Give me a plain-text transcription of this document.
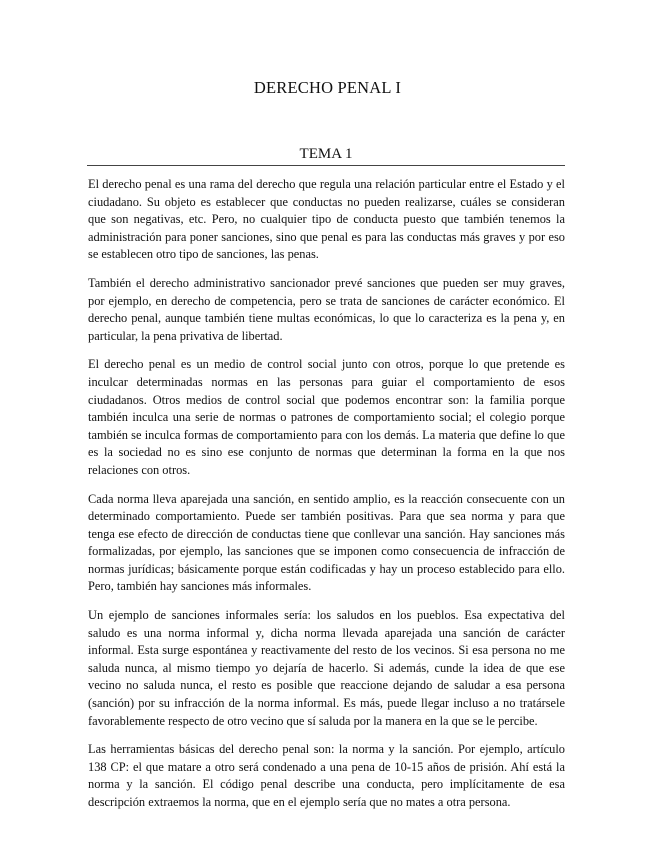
DERECHO PENAL I
TEMA 1

El derecho penal es una rama del derecho que regula una relación particular entre el Estado y el ciudadano. Su objeto es establecer que conductas no pueden realizarse, cuáles se consideran que son negativas, etc. Pero, no cualquier tipo de conducta puesto que también tenemos la administración para poner sanciones, sino que penal es para las conductas más graves y por eso se establecen otro tipo de sanciones, las penas.

También el derecho administrativo sancionador prevé sanciones que pueden ser muy graves, por ejemplo, en derecho de competencia, pero se trata de sanciones de carácter económico. El derecho penal, aunque también tiene multas económicas, lo que lo caracteriza es la pena y, en particular, la pena privativa de libertad.

El derecho penal es un medio de control social junto con otros, porque lo que pretende es inculcar determinadas normas en las personas para guiar el comportamiento de esos ciudadanos. Otros medios de control social que podemos encontrar son: la familia porque también inculca una serie de normas o patrones de comportamiento social; el colegio porque también se inculca formas de comportamiento para con los demás. La materia que define lo que es la sociedad no es sino ese conjunto de normas que determinan la forma en la que nos relaciones con otros.

Cada norma lleva aparejada una sanción, en sentido amplio, es la reacción consecuente con un determinado comportamiento. Puede ser también positivas. Para que sea norma y para que tenga ese efecto de dirección de conductas tiene que conllevar una sanción. Hay sanciones más formalizadas, por ejemplo, las sanciones que se imponen como consecuencia de infracción de normas jurídicas; básicamente porque están codificadas y hay un proceso establecido para ello. Pero, también hay sanciones más informales.

Un ejemplo de sanciones informales sería: los saludos en los pueblos. Esa expectativa del saludo es una norma informal y, dicha norma llevada aparejada una sanción de carácter informal. Esta surge espontánea y reactivamente del resto de los vecinos. Si esa persona no me saluda nunca, al mismo tiempo yo dejaría de hacerlo. Si además, cunde la idea de que ese vecino no saluda nunca, el resto es posible que reaccione dejando de saludar a esa persona (sanción) por su infracción de la norma informal. Es más, puede llegar incluso a no tratársele favorablemente respecto de otro vecino que sí saluda por la manera en la que se le percibe.

Las herramientas básicas del derecho penal son: la norma y la sanción. Por ejemplo, artículo 138 CP: el que matare a otro será condenado a una pena de 10-15 años de prisión. Ahí está la norma y la sanción. El código penal describe una conducta, pero implícitamente de esa descripción extraemos la norma, que en el ejemplo sería que no mates a otra persona.
